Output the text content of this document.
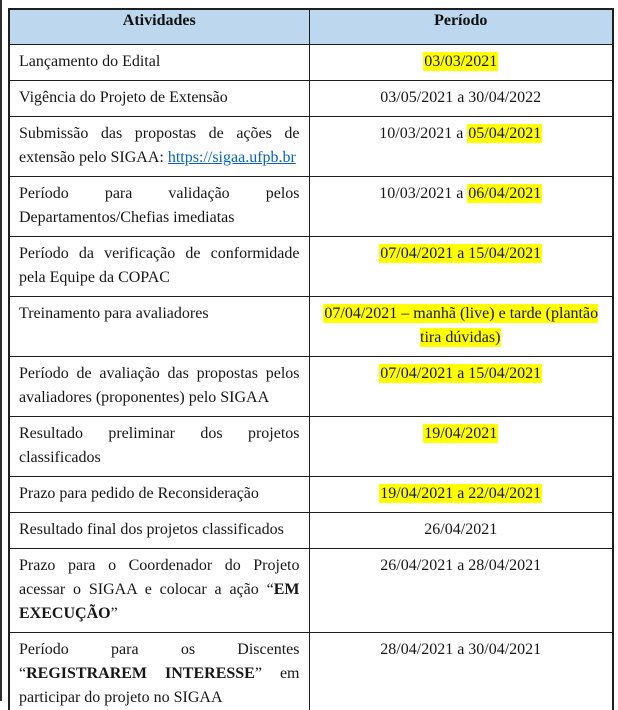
Atividades	Período
Lançamento do Edital	03/03/2021
Vigência do Projeto de Extensão	03/05/2021 a 30/04/2022
Submissão das propostas de ações de extensão pelo SIGAA: https://sigaa.ufpb.br	10/03/2021 a 05/04/2021
Período para validação pelos Departamentos/Chefias imediatas	10/03/2021 a 06/04/2021
Período da verificação de conformidade pela Equipe da COPAC	07/04/2021 a 15/04/2021
Treinamento para avaliadores	07/04/2021 – manhã (live) e tarde (plantão tira dúvidas)
Período de avaliação das propostas pelos avaliadores (proponentes) pelo SIGAA	07/04/2021 a 15/04/2021
Resultado preliminar dos projetos classificados	19/04/2021
Prazo para pedido de Reconsideração	19/04/2021 a 22/04/2021
Resultado final dos projetos classificados	26/04/2021
Prazo para o Coordenador do Projeto acessar o SIGAA e colocar a ação “EM EXECUÇÃO”	26/04/2021 a 28/04/2021
Período para os Discentes “REGISTRAREM INTERESSE” em participar do projeto no SIGAA	28/04/2021 a 30/04/2021
